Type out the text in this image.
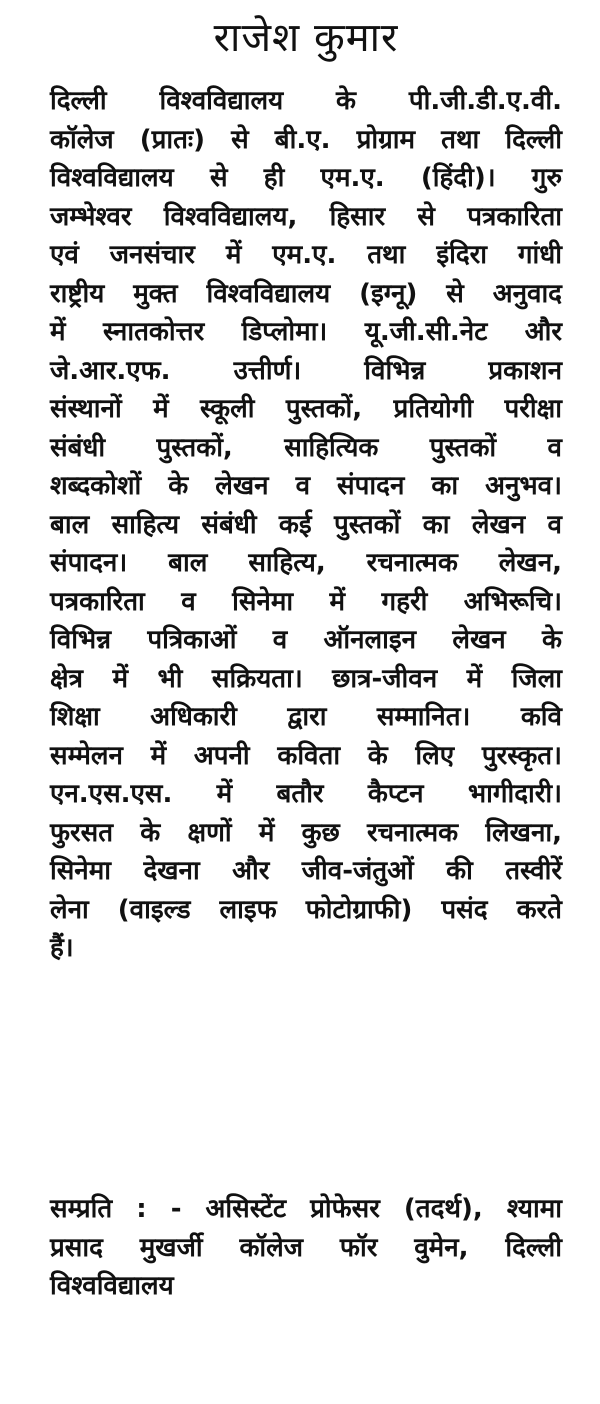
राजेश कुमार
दिल्ली विश्वविद्यालय के पी.जी.डी.ए.वी.
कॉलेज (प्रातः) से बी.ए. प्रोग्राम तथा दिल्ली
विश्वविद्यालय से ही एम.ए. (हिंदी)। गुरु
जम्भेश्वर विश्वविद्यालय, हिसार से पत्रकारिता
एवं जनसंचार में एम.ए. तथा इंदिरा गांधी
राष्ट्रीय मुक्त विश्वविद्यालय (इग्नू) से अनुवाद
में स्नातकोत्तर डिप्लोमा। यू.जी.सी.नेट और
जे.आर.एफ. उत्तीर्ण। विभिन्न प्रकाशन
संस्थानों में स्कूली पुस्तकों, प्रतियोगी परीक्षा
संबंधी पुस्तकों, साहित्यिक पुस्तकों व
शब्दकोशों के लेखन व संपादन का अनुभव।
बाल साहित्य संबंधी कई पुस्तकों का लेखन व
संपादन। बाल साहित्य, रचनात्मक लेखन,
पत्रकारिता व सिनेमा में गहरी अभिरूचि।
विभिन्न पत्रिकाओं व ऑनलाइन लेखन के
क्षेत्र में भी सक्रियता। छात्र-जीवन में जिला
शिक्षा अधिकारी द्वारा सम्मानित। कवि
सम्मेलन में अपनी कविता के लिए पुरस्कृत।
एन.एस.एस. में बतौर कैप्टन भागीदारी।
फुरसत के क्षणों में कुछ रचनात्मक लिखना,
सिनेमा देखना और जीव-जंतुओं की तस्वीरें
लेना (वाइल्ड लाइफ फोटोग्राफी) पसंद करते
हैं।
सम्प्रति : - असिस्टेंट प्रोफेसर (तदर्थ), श्यामा
प्रसाद मुखर्जी कॉलेज फॉर वुमेन, दिल्ली
विश्वविद्यालय
